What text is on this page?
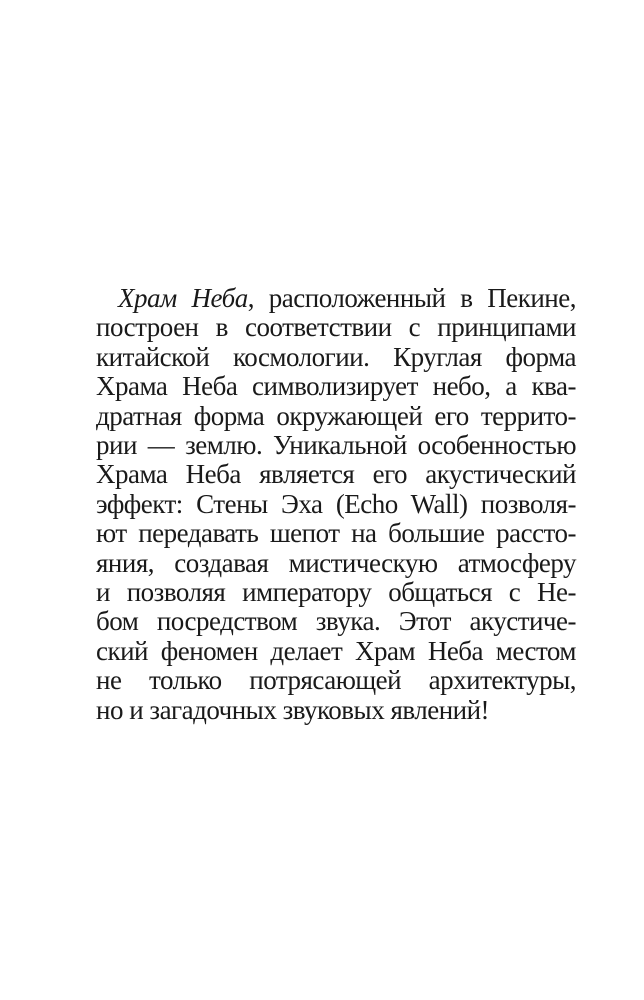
Храм Неба, расположенный в Пекине,
построен в соответствии с принципами
китайской космологии. Круглая форма
Храма Неба символизирует небо, а ква-
дратная форма окружающей его террито-
рии — землю. Уникальной особенностью
Храма Неба является его акустический
эффект: Стены Эха (Echo Wall) позволя-
ют передавать шепот на большие рассто-
яния, создавая мистическую атмосферу
и позволяя императору общаться с Не-
бом посредством звука. Этот акустиче-
ский феномен делает Храм Неба местом
не только потрясающей архитектуры,
но и загадочных звуковых явлений!
